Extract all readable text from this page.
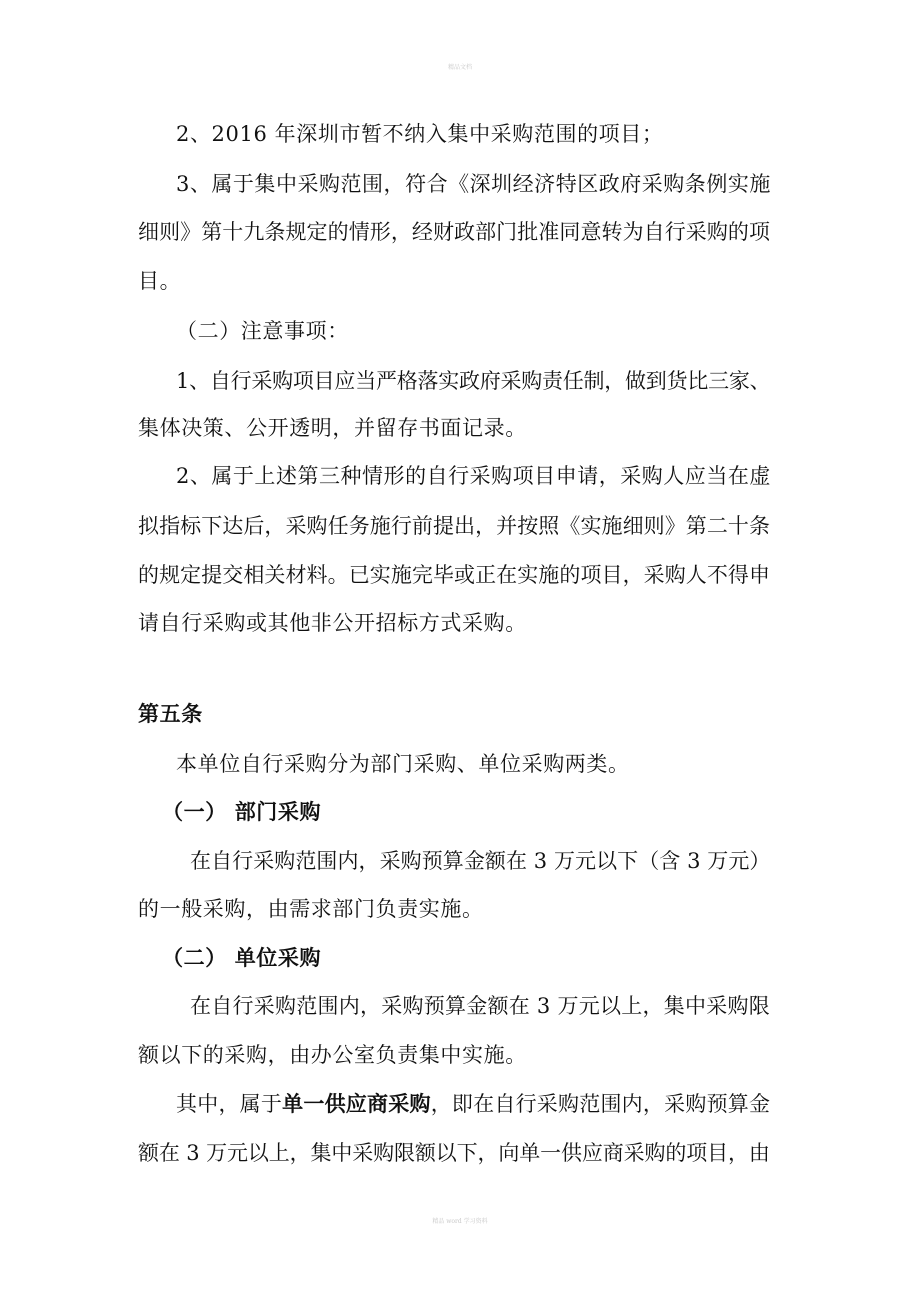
精品文档
2、2016 年深圳市暂不纳入集中采购范围的项目；
3、属于集中采购范围，符合《深圳经济特区政府采购条例实施
细则》第十九条规定的情形，经财政部门批准同意转为自行采购的项
目。
（二）注意事项：
1、自行采购项目应当严格落实政府采购责任制，做到货比三家、
集体决策、公开透明，并留存书面记录。
2、属于上述第三种情形的自行采购项目申请，采购人应当在虚
拟指标下达后，采购任务施行前提出，并按照《实施细则》第二十条
的规定提交相关材料。已实施完毕或正在实施的项目，采购人不得申
请自行采购或其他非公开招标方式采购。
第五条
本单位自行采购分为部门采购、单位采购两类。
（一） 部门采购
在自行采购范围内，采购预算金额在 3 万元以下（含 3 万元）
的一般采购，由需求部门负责实施。
（二） 单位采购
在自行采购范围内，采购预算金额在 3 万元以上，集中采购限
额以下的采购，由办公室负责集中实施。
其中，属于单一供应商采购，即在自行采购范围内，采购预算金
额在 3 万元以上，集中采购限额以下，向单一供应商采购的项目，由
精品 word 学习资料
